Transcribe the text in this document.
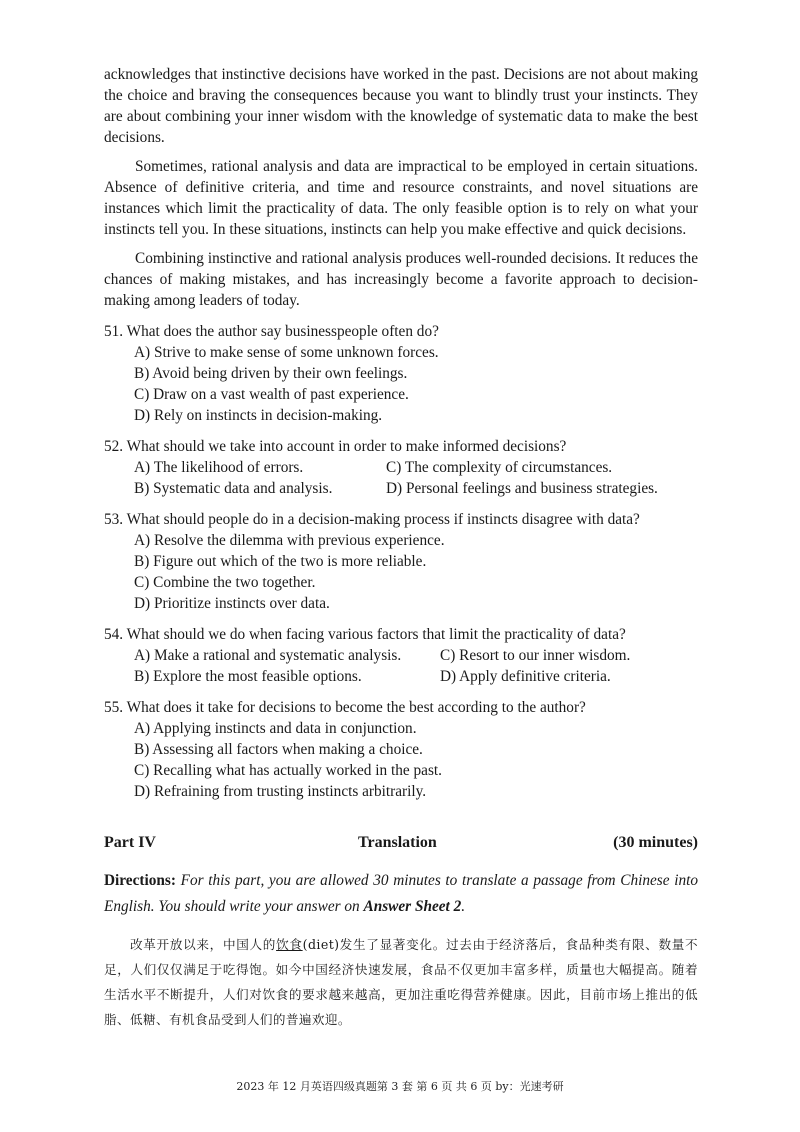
acknowledges that instinctive decisions have worked in the past. Decisions are not about making the choice and braving the consequences because you want to blindly trust your instincts. They are about combining your inner wisdom with the knowledge of systematic data to make the best decisions.

Sometimes, rational analysis and data are impractical to be employed in certain situations. Absence of definitive criteria, and time and resource constraints, and novel situations are instances which limit the practicality of data. The only feasible option is to rely on what your instincts tell you. In these situations, instincts can help you make effective and quick decisions.

Combining instinctive and rational analysis produces well-rounded decisions. It reduces the chances of making mistakes, and has increasingly become a favorite approach to decision-making among leaders of today.

51. What does the author say businesspeople often do?

A) Strive to make sense of some unknown forces.

B) Avoid being driven by their own feelings.

C) Draw on a vast wealth of past experience.

D) Rely on instincts in decision-making.

52. What should we take into account in order to make informed decisions?

A) The likelihood of errors.	C) The complexity of circumstances.
B) Systematic data and analysis.	D) Personal feelings and business strategies.

53. What should people do in a decision-making process if instincts disagree with data?

A) Resolve the dilemma with previous experience.

B) Figure out which of the two is more reliable.

C) Combine the two together.

D) Prioritize instincts over data.

54. What should we do when facing various factors that limit the practicality of data?

A) Make a rational and systematic analysis.	C) Resort to our inner wisdom.
B) Explore the most feasible options.	D) Apply definitive criteria.

55. What does it take for decisions to become the best according to the author?

A) Applying instincts and data in conjunction.

B) Assessing all factors when making a choice.

C) Recalling what has actually worked in the past.

D) Refraining from trusting instincts arbitrarily.

Part IV	Translation	(30 minutes)
Directions: For this part, you are allowed 30 minutes to translate a passage from Chinese into English. You should write your answer on Answer Sheet 2.
改革开放以来，中国人的饮食(diet)发生了显著变化。过去由于经济落后，食品种类有限、数量不足，人们仅仅满足于吃得饱。如今中国经济快速发展，食品不仅更加丰富多样，质量也大幅提高。随着生活水平不断提升，人们对饮食的要求越来越高，更加注重吃得营养健康。因此，目前市场上推出的低脂、低糖、有机食品受到人们的普遍欢迎。
2023 年 12 月英语四级真题第 3 套 第 6 页 共 6 页 by：光速考研
